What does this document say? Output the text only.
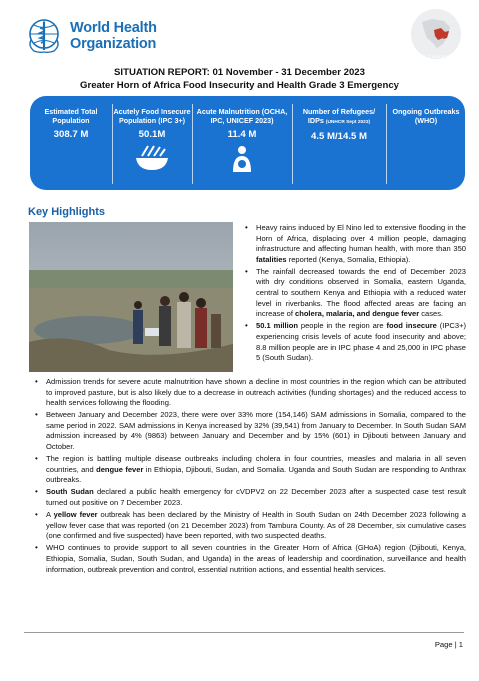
World Health
Organization
SITUATION REPORT: 01 November - 31 December 2023
Greater Horn of Africa Food Insecurity and Health Grade 3 Emergency
Estimated Total
Population
308.7 M
Acutely Food Insecure
Population (IPC 3+)
50.1M
Acute Malnutrition (OCHA,
IPC, UNICEF 2023)
11.4 M
Number of Refugees/
IDPs (UNHCR Sept 2023)
4.5 M/14.5 M
Ongoing Outbreaks
(WHO)
Measles 7 countries
Malaria 7 countries
Cholera 4 countries
Dengue 4 countries
cVDPV2 2 countries
Yellow Fever 1 country
Key Highlights
• Heavy rains induced by El Nino led to extensive flooding in the Horn of Africa, displacing over 4 million people, damaging infrastructure and affecting human health, with more than 350 fatalities reported (Kenya, Somalia, Ethiopia).
• The rainfall decreased towards the end of December 2023 with dry conditions observed in Somalia, eastern Uganda, central to southern Kenya and Ethiopia with a reduced water level in riverbanks. The flood affected areas are facing an increase of cholera, malaria, and dengue fever cases.
• 50.1 million people in the region are food insecure (IPC3+) experiencing crisis levels of acute food insecurity and above; 8.8 million people are in IPC phase 4 and 25,000 in IPC phase 5 (South Sudan).
• Admission trends for severe acute malnutrition have shown a decline in most countries in the region which can be attributed to improved pasture, but is also likely due to a decrease in outreach activities (funding shortages) and the reduced access to health services following the flooding.
• Between January and December 2023, there were over 33% more (154,146) SAM admissions in Somalia, compared to the same period in 2022. SAM admissions in Kenya increased by 32% (39,541) from January to December. In South Sudan SAM admission increased by 4% (9863) between January and December and by 15% (601) in Djibouti between January and October.
• The region is battling multiple disease outbreaks including cholera in four countries, measles and malaria in all seven countries, and dengue fever in Ethiopia, Djibouti, Sudan, and Somalia. Uganda and South Sudan are responding to Anthrax outbreaks.
• South Sudan declared a public health emergency for cVDPV2 on 22 December 2023 after a suspected case test result turned out positive on 7 December 2023.
• A yellow fever outbreak has been declared by the Ministry of Health in South Sudan on 24th December 2023 following a yellow fever case that was reported (on 21 December 2023) from Tambura County. As of 28 December, six cumulative cases (one confirmed and five suspected) have been reported, with two suspected deaths.
• WHO continues to provide support to all seven countries in the Greater Horn of Africa (GHoA) region (Djibouti, Kenya, Ethiopia, Somalia, Sudan, South Sudan, and Uganda) in the areas of leadership and coordination, surveillance and health information, outbreak prevention and control, essential nutrition actions, and essential health services.
Page | 1
